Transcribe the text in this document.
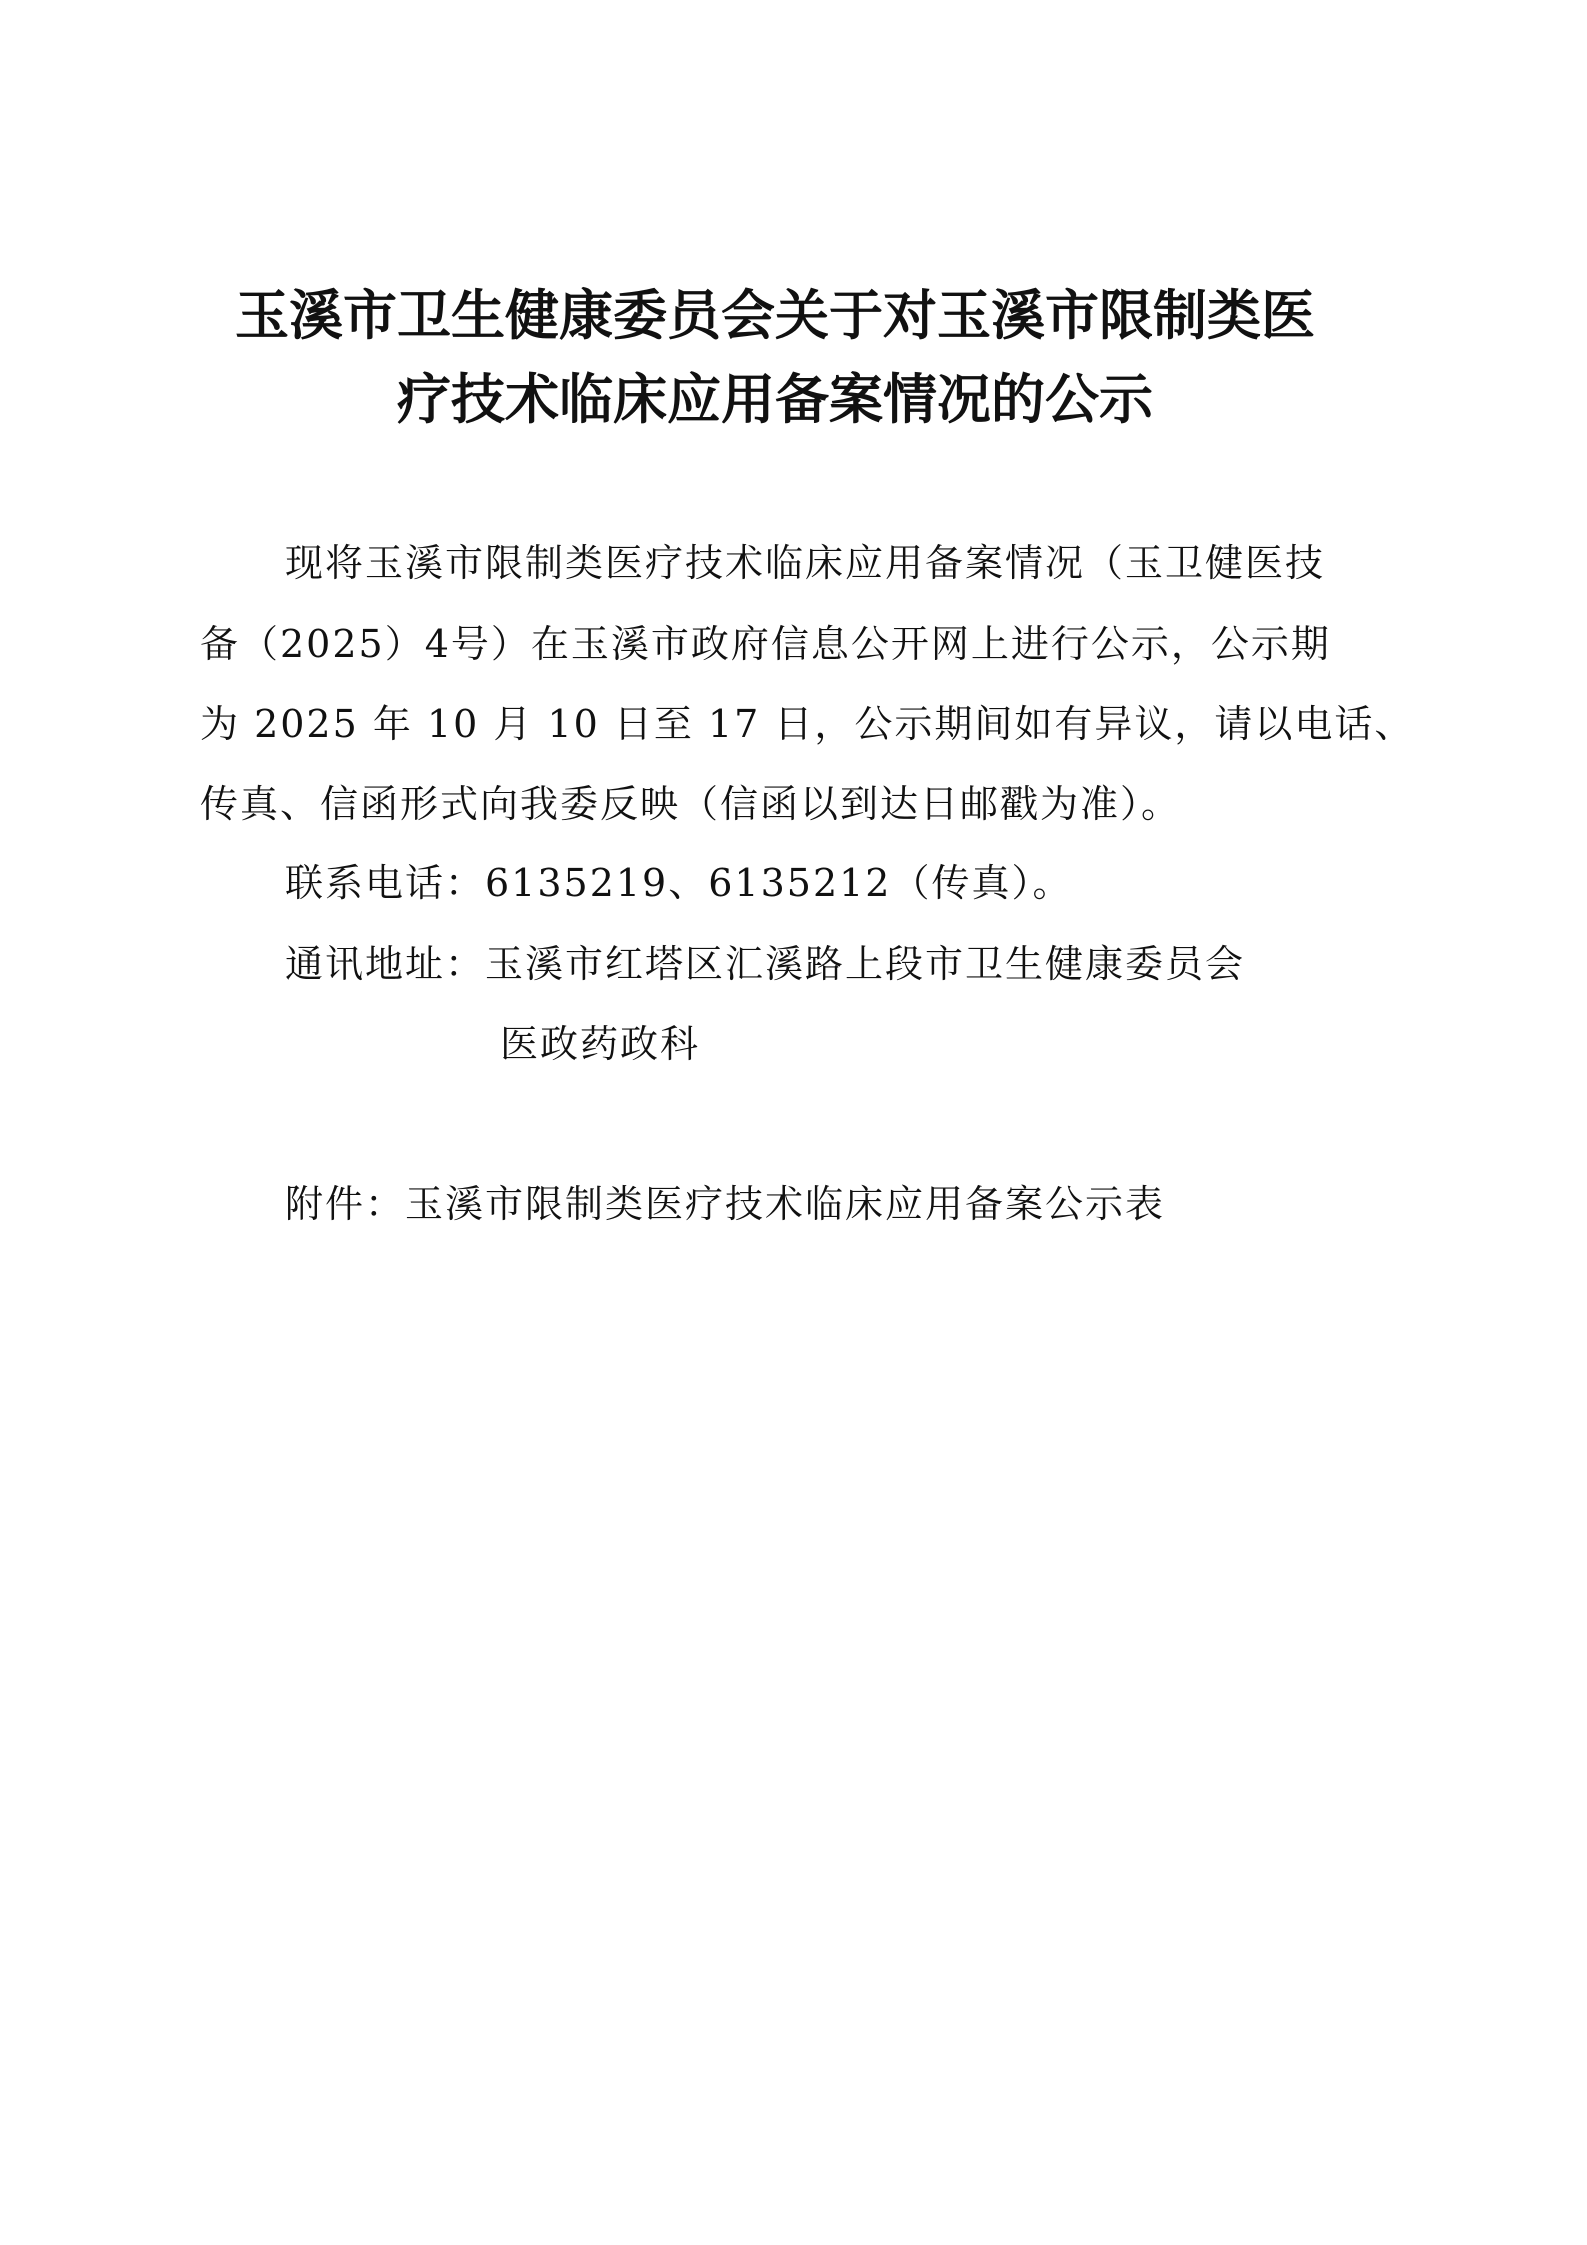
玉溪市卫生健康委员会关于对玉溪市限制类医
疗技术临床应用备案情况的公示
现将玉溪市限制类医疗技术临床应用备案情况（玉卫健医技
备（2025）4号）在玉溪市政府信息公开网上进行公示，公示期
为 2025 年 10 月 10 日至 17 日，公示期间如有异议，请以电话、
传真、信函形式向我委反映（信函以到达日邮戳为准）。
联系电话：6135219、6135212（传真）。
通讯地址：玉溪市红塔区汇溪路上段市卫生健康委员会
医政药政科
附件：玉溪市限制类医疗技术临床应用备案公示表
